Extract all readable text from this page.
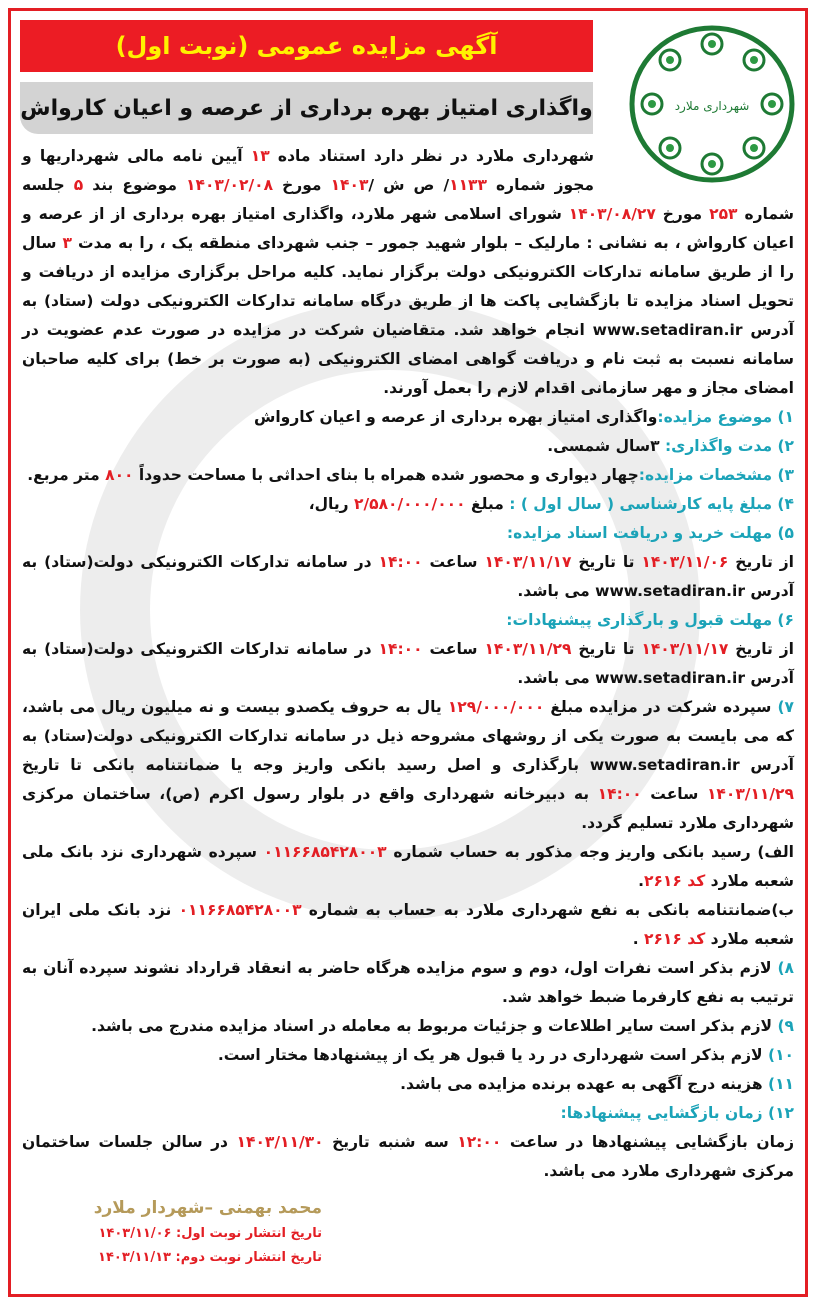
آگهی مزایده عمومی (نوبت اول)
واگذاری امتیاز بهره برداری از عرصه و اعیان کارواش	شهرداری ملارد

شهرداری ملارد در نظر دارد استناد ماده ۱۳ آیین نامه مالی شهرداریها و مجوز شماره ۱۱۳۳/ ص ش /۱۴۰۳ مورخ ۱۴۰۳/۰۲/۰۸ موضوع بند ۵ جلسه شماره ۲۵۳ مورخ ۱۴۰۳/۰۸/۲۷ شورای اسلامی شهر ملارد، واگذاری امتیاز بهره برداری از از عرصه و اعیان کارواش ، به نشانی : مارلیک – بلوار شهید جمور – جنب شهردای منطقه یک ، را به مدت ۳ سال را از طریق سامانه تدارکات الکترونیکی دولت برگزار نماید. کلیه مراحل برگزاری مزایده از دریافت و تحویل اسناد مزایده تا بازگشایی پاکت ها از طریق درگاه سامانه تدارکات الکترونیکی دولت (ستاد) به آدرس www.setadiran.ir انجام خواهد شد. متقاضیان شرکت در مزایده در صورت عدم عضویت در سامانه نسبت به ثبت نام و دریافت گواهی امضای الکترونیکی (به صورت بر خط) برای کلیه صاحبان امضای مجاز و مهر سازمانی اقدام لازم را بعمل آورند.

۱) موضوع مزایده:واگذاری امتیاز بهره برداری از عرصه و اعیان کارواش

۲) مدت واگذاری: ۳سال شمسی.

۳) مشخصات مزایده:چهار دیواری و محصور شده همراه با بنای احداثی با مساحت حدوداً ۸۰۰ متر مربع.

۴) مبلغ پایه کارشناسی ( سال اول ) : مبلغ ۲/۵۸۰/۰۰۰/۰۰۰ ریال،

۵) مهلت خرید و دریافت اسناد مزایده:

از تاریخ ۱۴۰۳/۱۱/۰۶ تا تاریخ ۱۴۰۳/۱۱/۱۷ ساعت ۱۴:۰۰ در سامانه تدارکات الکترونیکی دولت(ستاد) به آدرس www.setadiran.ir می باشد.

۶) مهلت قبول و بارگذاری پیشنهادات:

از تاریخ ۱۴۰۳/۱۱/۱۷ تا تاریخ ۱۴۰۳/۱۱/۲۹ ساعت ۱۴:۰۰ در سامانه تدارکات الکترونیکی دولت(ستاد) به آدرس www.setadiran.ir می باشد.

۷) سپرده شرکت در مزایده مبلغ ۱۲۹/۰۰۰/۰۰۰ یال به حروف یکصدو بیست و نه میلیون ریال می باشد، که می بایست به صورت یکی از روشهای مشروحه ذیل در سامانه تدارکات الکترونیکی دولت(ستاد) به آدرس www.setadiran.ir بارگذاری و اصل رسید بانکی واریز وجه یا ضمانتنامه بانکی تا تاریخ ۱۴۰۳/۱۱/۲۹ ساعت ۱۴:۰۰ به دبیرخانه شهرداری واقع در بلوار رسول اکرم (ص)، ساختمان مرکزی شهرداری ملارد تسلیم گردد.

الف) رسید بانکی واریز وجه مذکور به حساب شماره ۰۱۱۶۶۸۵۴۲۸۰۰۳ سپرده شهرداری نزد بانک ملی شعبه ملارد کد ۲۶۱۶.

ب)ضمانتنامه بانکی به نفع شهرداری ملارد به حساب به شماره ۰۱۱۶۶۸۵۴۲۸۰۰۳ نزد بانک ملی ایران شعبه ملارد کد ۲۶۱۶ .

۸) لازم بذکر است نفرات اول، دوم و سوم مزایده هرگاه حاضر به انعقاد قرارداد نشوند سپرده آنان به ترتیب به نفع کارفرما ضبط خواهد شد.

۹) لازم بذکر است سایر اطلاعات و جزئیات مربوط به معامله در اسناد مزایده مندرج می باشد.

۱۰) لازم بذکر است شهرداری در رد یا قبول هر یک از پیشنهادها مختار است.

۱۱) هزینه درج آگهی به عهده برنده مزایده می باشد.

۱۲) زمان بازگشایی پیشنهادها:

زمان بازگشایی پیشنهادها در ساعت ۱۲:۰۰ سه شنبه تاریخ ۱۴۰۳/۱۱/۳۰ در سالن جلسات ساختمان مرکزی شهرداری ملارد می باشد.

محمد بهمنی –شهردار ملارد
تاریخ انتشار نوبت اول: ۱۴۰۳/۱۱/۰۶
تاریخ انتشار نوبت دوم: ۱۴۰۳/۱۱/۱۳
